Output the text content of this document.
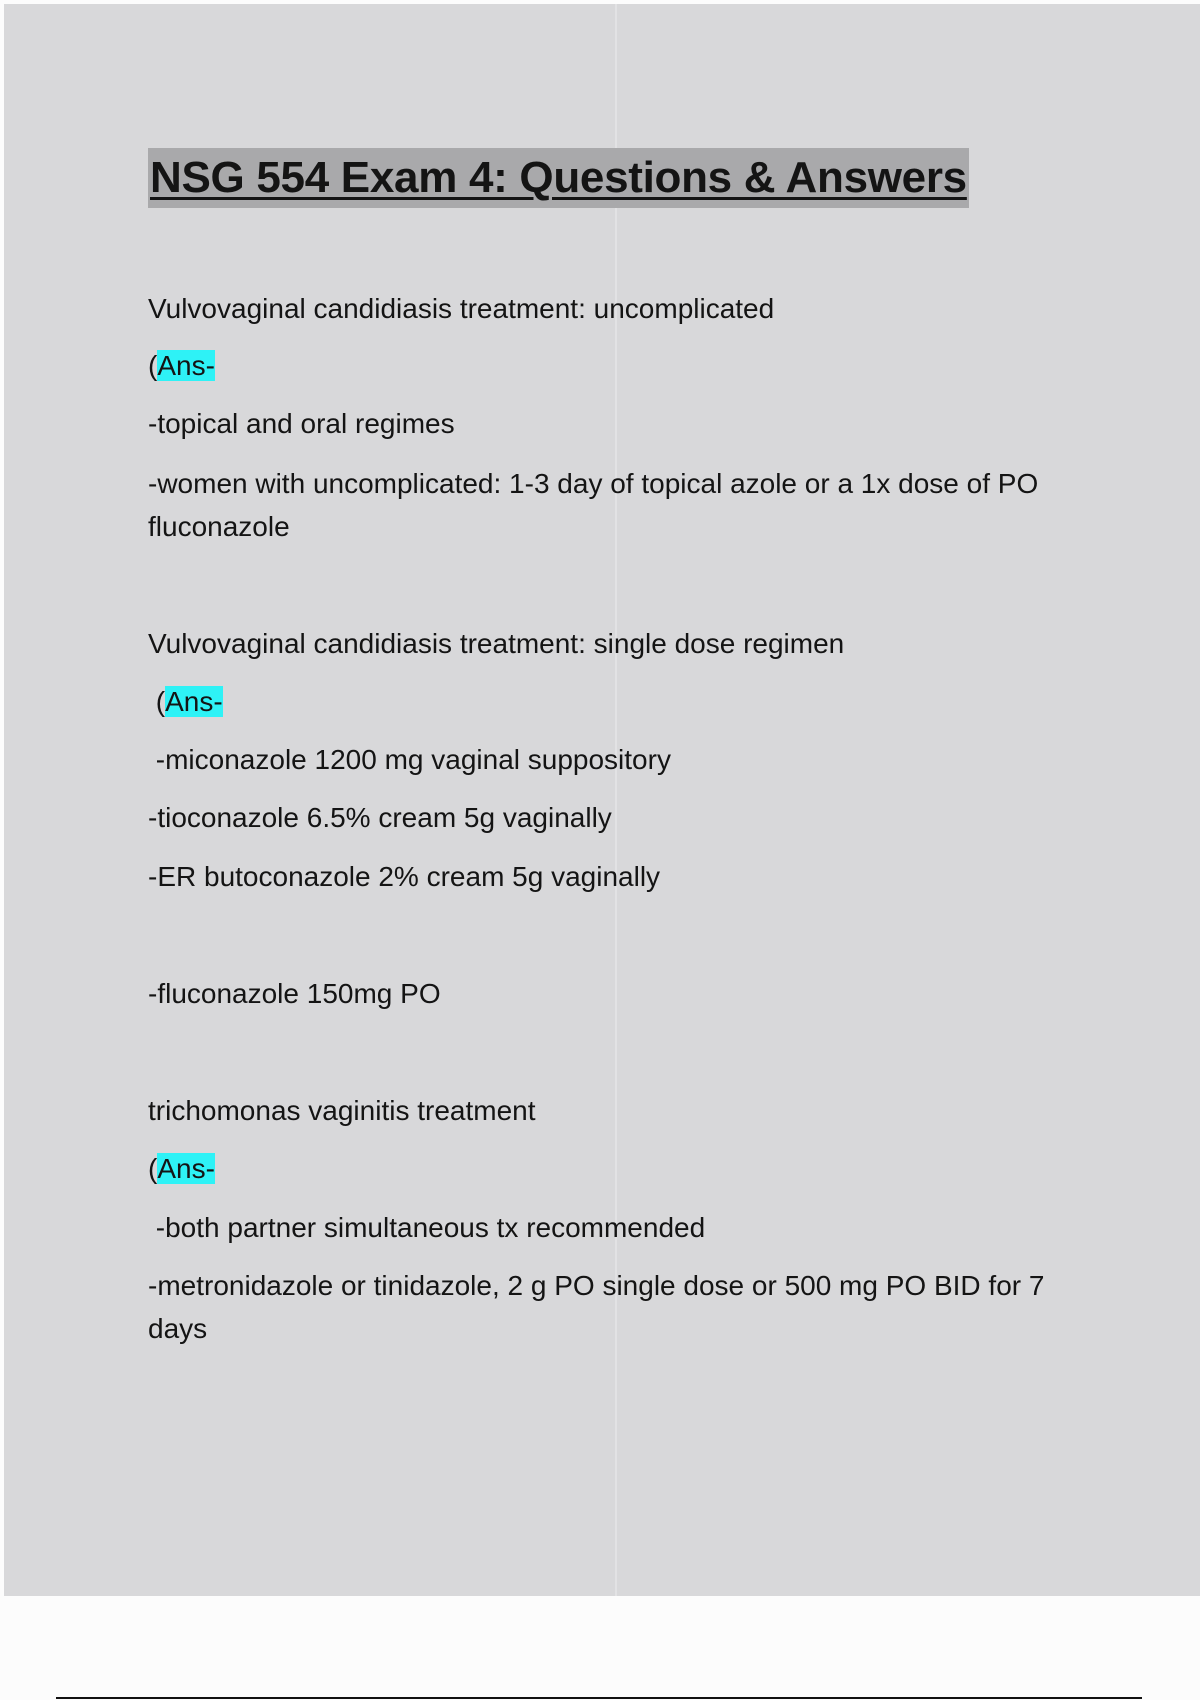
NSG 554 Exam 4: Questions & Answers

Vulvovaginal candidiasis treatment: uncomplicated

(Ans-

-topical and oral regimes

-women with uncomplicated: 1-3 day of topical azole or a 1x dose of PO fluconazole

Vulvovaginal candidiasis treatment: single dose regimen

(Ans-

-miconazole 1200 mg vaginal suppository

-tioconazole 6.5% cream 5g vaginally

-ER butoconazole 2% cream 5g vaginally

-fluconazole 150mg PO

trichomonas vaginitis treatment

(Ans-

-both partner simultaneous tx recommended

-metronidazole or tinidazole, 2 g PO single dose or 500 mg PO BID for 7 days
